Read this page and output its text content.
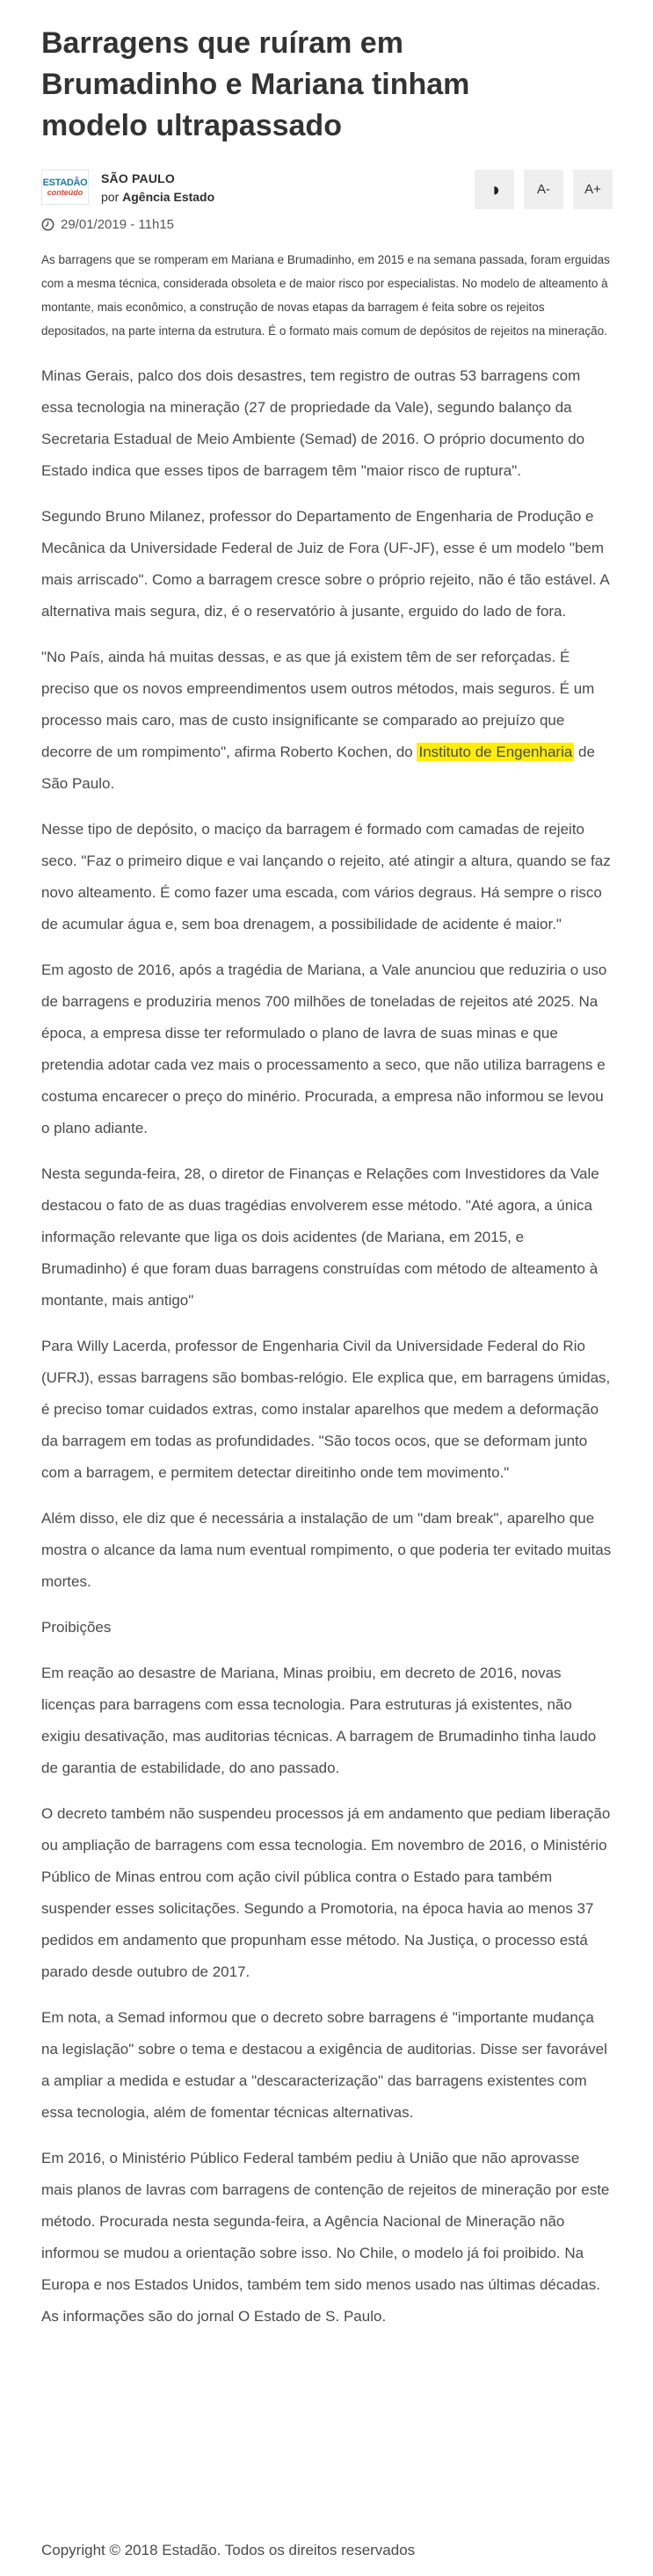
Barragens que ruíram em Brumadinho e Mariana tinham modelo ultrapassado
ESTADÃO
conteúdo
SÃO PAULO
por Agência Estado	◑	A-	A+
29/01/2019 - 11h15

As barragens que se romperam em Mariana e Brumadinho, em 2015 e na semana passada, foram erguidas com a mesma técnica, considerada obsoleta e de maior risco por especialistas. No modelo de alteamento à montante, mais econômico, a construção de novas etapas da barragem é feita sobre os rejeitos depositados, na parte interna da estrutura. É o formato mais comum de depósitos de rejeitos na mineração.

Minas Gerais, palco dos dois desastres, tem registro de outras 53 barragens com essa tecnologia na mineração (27 de propriedade da Vale), segundo balanço da Secretaria Estadual de Meio Ambiente (Semad) de 2016. O próprio documento do Estado indica que esses tipos de barragem têm "maior risco de ruptura".

Segundo Bruno Milanez, professor do Departamento de Engenharia de Produção e Mecânica da Universidade Federal de Juiz de Fora (UF-JF), esse é um modelo "bem mais arriscado". Como a barragem cresce sobre o próprio rejeito, não é tão estável. A alternativa mais segura, diz, é o reservatório à jusante, erguido do lado de fora.

"No País, ainda há muitas dessas, e as que já existem têm de ser reforçadas. É preciso que os novos empreendimentos usem outros métodos, mais seguros. É um processo mais caro, mas de custo insignificante se comparado ao prejuízo que decorre de um rompimento", afirma Roberto Kochen, do Instituto de Engenharia de São Paulo.

Nesse tipo de depósito, o maciço da barragem é formado com camadas de rejeito seco. "Faz o primeiro dique e vai lançando o rejeito, até atingir a altura, quando se faz novo alteamento. É como fazer uma escada, com vários degraus. Há sempre o risco de acumular água e, sem boa drenagem, a possibilidade de acidente é maior."

Em agosto de 2016, após a tragédia de Mariana, a Vale anunciou que reduziria o uso de barragens e produziria menos 700 milhões de toneladas de rejeitos até 2025. Na época, a empresa disse ter reformulado o plano de lavra de suas minas e que pretendia adotar cada vez mais o processamento a seco, que não utiliza barragens e costuma encarecer o preço do minério. Procurada, a empresa não informou se levou o plano adiante.

Nesta segunda-feira, 28, o diretor de Finanças e Relações com Investidores da Vale destacou o fato de as duas tragédias envolverem esse método. "Até agora, a única informação relevante que liga os dois acidentes (de Mariana, em 2015, e Brumadinho) é que foram duas barragens construídas com método de alteamento à montante, mais antigo"

Para Willy Lacerda, professor de Engenharia Civil da Universidade Federal do Rio (UFRJ), essas barragens são bombas-relógio. Ele explica que, em barragens úmidas, é preciso tomar cuidados extras, como instalar aparelhos que medem a deformação da barragem em todas as profundidades. "São tocos ocos, que se deformam junto com a barragem, e permitem detectar direitinho onde tem movimento."

Além disso, ele diz que é necessária a instalação de um "dam break", aparelho que mostra o alcance da lama num eventual rompimento, o que poderia ter evitado muitas mortes.

Proibições

Em reação ao desastre de Mariana, Minas proibiu, em decreto de 2016, novas licenças para barragens com essa tecnologia. Para estruturas já existentes, não exigiu desativação, mas auditorias técnicas. A barragem de Brumadinho tinha laudo de garantia de estabilidade, do ano passado.

O decreto também não suspendeu processos já em andamento que pediam liberação ou ampliação de barragens com essa tecnologia. Em novembro de 2016, o Ministério Público de Minas entrou com ação civil pública contra o Estado para também suspender esses solicitações. Segundo a Promotoria, na época havia ao menos 37 pedidos em andamento que propunham esse método. Na Justiça, o processo está parado desde outubro de 2017.

Em nota, a Semad informou que o decreto sobre barragens é "importante mudança na legislação" sobre o tema e destacou a exigência de auditorias. Disse ser favorável a ampliar a medida e estudar a "descaracterização" das barragens existentes com essa tecnologia, além de fomentar técnicas alternativas.

Em 2016, o Ministério Público Federal também pediu à União que não aprovasse mais planos de lavras com barragens de contenção de rejeitos de mineração por este método. Procurada nesta segunda-feira, a Agência Nacional de Mineração não informou se mudou a orientação sobre isso. No Chile, o modelo já foi proibido. Na Europa e nos Estados Unidos, também tem sido menos usado nas últimas décadas. As informações são do jornal O Estado de S. Paulo.

Copyright © 2018 Estadão. Todos os direitos reservados
